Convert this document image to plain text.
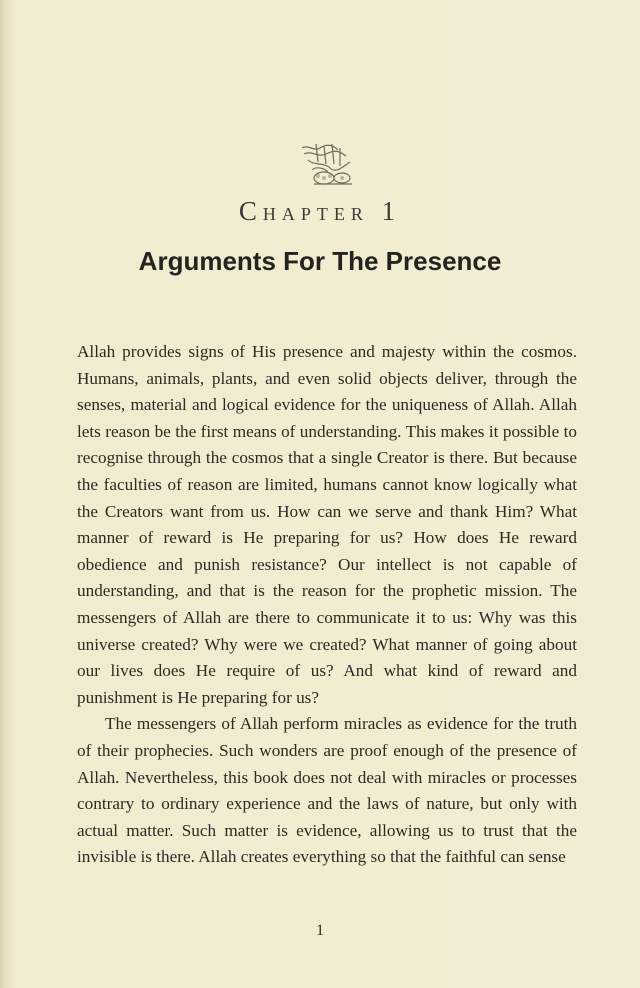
CHAPTER 1
Arguments For The Presence

Allah provides signs of His presence and majesty within the cosmos. Humans, animals, plants, and even solid objects deliver, through the senses, material and logical evidence for the uniqueness of Allah. Allah lets reason be the first means of understanding. This makes it possible to recognise through the cosmos that a single Creator is there. But because the faculties of reason are limited, humans cannot know logically what the Creators want from us. How can we serve and thank Him? What manner of reward is He preparing for us? How does He reward obedience and punish resistance? Our intellect is not capable of understanding, and that is the reason for the prophetic mission. The messengers of Allah are there to communicate it to us: Why was this universe created? Why were we created? What manner of going about our lives does He require of us? And what kind of reward and punishment is He preparing for us?

The messengers of Allah perform miracles as evidence for the truth of their prophecies. Such wonders are proof enough of the presence of Allah. Nevertheless, this book does not deal with miracles or processes contrary to ordinary experience and the laws of nature, but only with actual matter. Such matter is evidence, allowing us to trust that the invisible is there. Allah creates everything so that the faithful can sense

1
